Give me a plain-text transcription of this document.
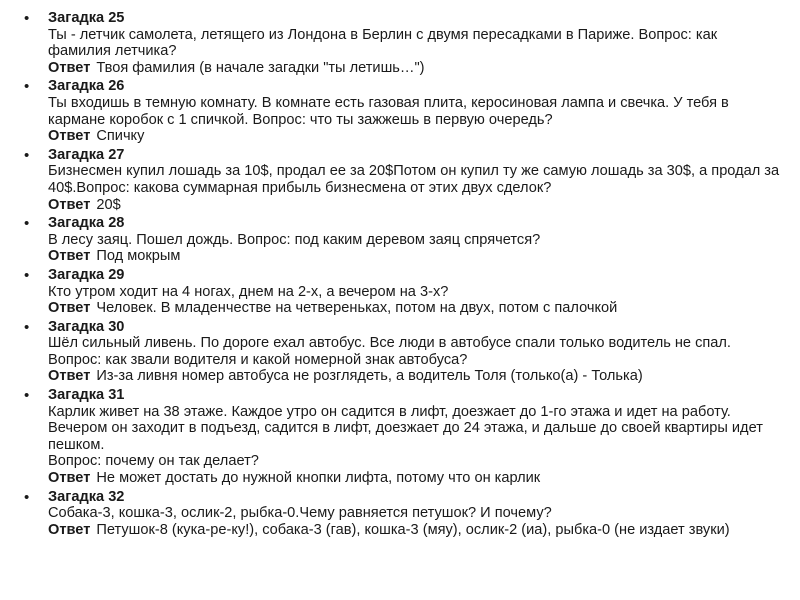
• Загадка 25
Ты - летчик самолета, летящего из Лондона в Берлин с двумя пересадками в Париже. Вопрос: как фамилия летчика?
Ответ Твоя фамилия (в начале загадки "ты летишь…")
• Загадка 26
Ты входишь в темную комнату. В комнате есть газовая плита, керосиновая лампа и свечка. У тебя в кармане коробок с 1 спичкой. Вопрос: что ты зажжешь в первую очередь?
Ответ Спичку
• Загадка 27
Бизнесмен купил лошадь за 10$, продал ее за 20$Потом он купил ту же самую лошадь за 30$, а продал за 40$.Вопрос: какова суммарная прибыль бизнесмена от этих двух сделок?
Ответ 20$
• Загадка 28
В лесу заяц. Пошел дождь. Вопрос: под каким деревом заяц спрячется?
Ответ Под мокрым
• Загадка 29
Кто утром ходит на 4 ногах, днем на 2-х, а вечером на 3-х?
Ответ Человек. В младенчестве на четвереньках, потом на двух, потом с палочкой
• Загадка 30
Шёл сильный ливень. По дороге ехал автобус. Все люди в автобусе спали только водитель не спал. Вопрос: как звали водителя и какой номерной знак автобуса?
Ответ Из-за ливня номер автобуса не розглядеть, а водитель Толя (только(а) - Толька)
• Загадка 31
Карлик живет на 38 этаже. Каждое утро он садится в лифт, доезжает до 1-го этажа и идет на работу.
Вечером он заходит в подъезд, садится в лифт, доезжает до 24 этажа, и дальше до своей квартиры идет пешком.
Вопрос: почему он так делает?
Ответ Не может достать до нужной кнопки лифта, потому что он карлик
• Загадка 32
Собака-3, кошка-3, ослик-2, рыбка-0.Чему равняется петушок? И почему?
Ответ Петушок-8 (кука-ре-ку!), собака-3 (гав), кошка-3 (мяу), ослик-2 (иа), рыбка-0 (не издает звуки)
